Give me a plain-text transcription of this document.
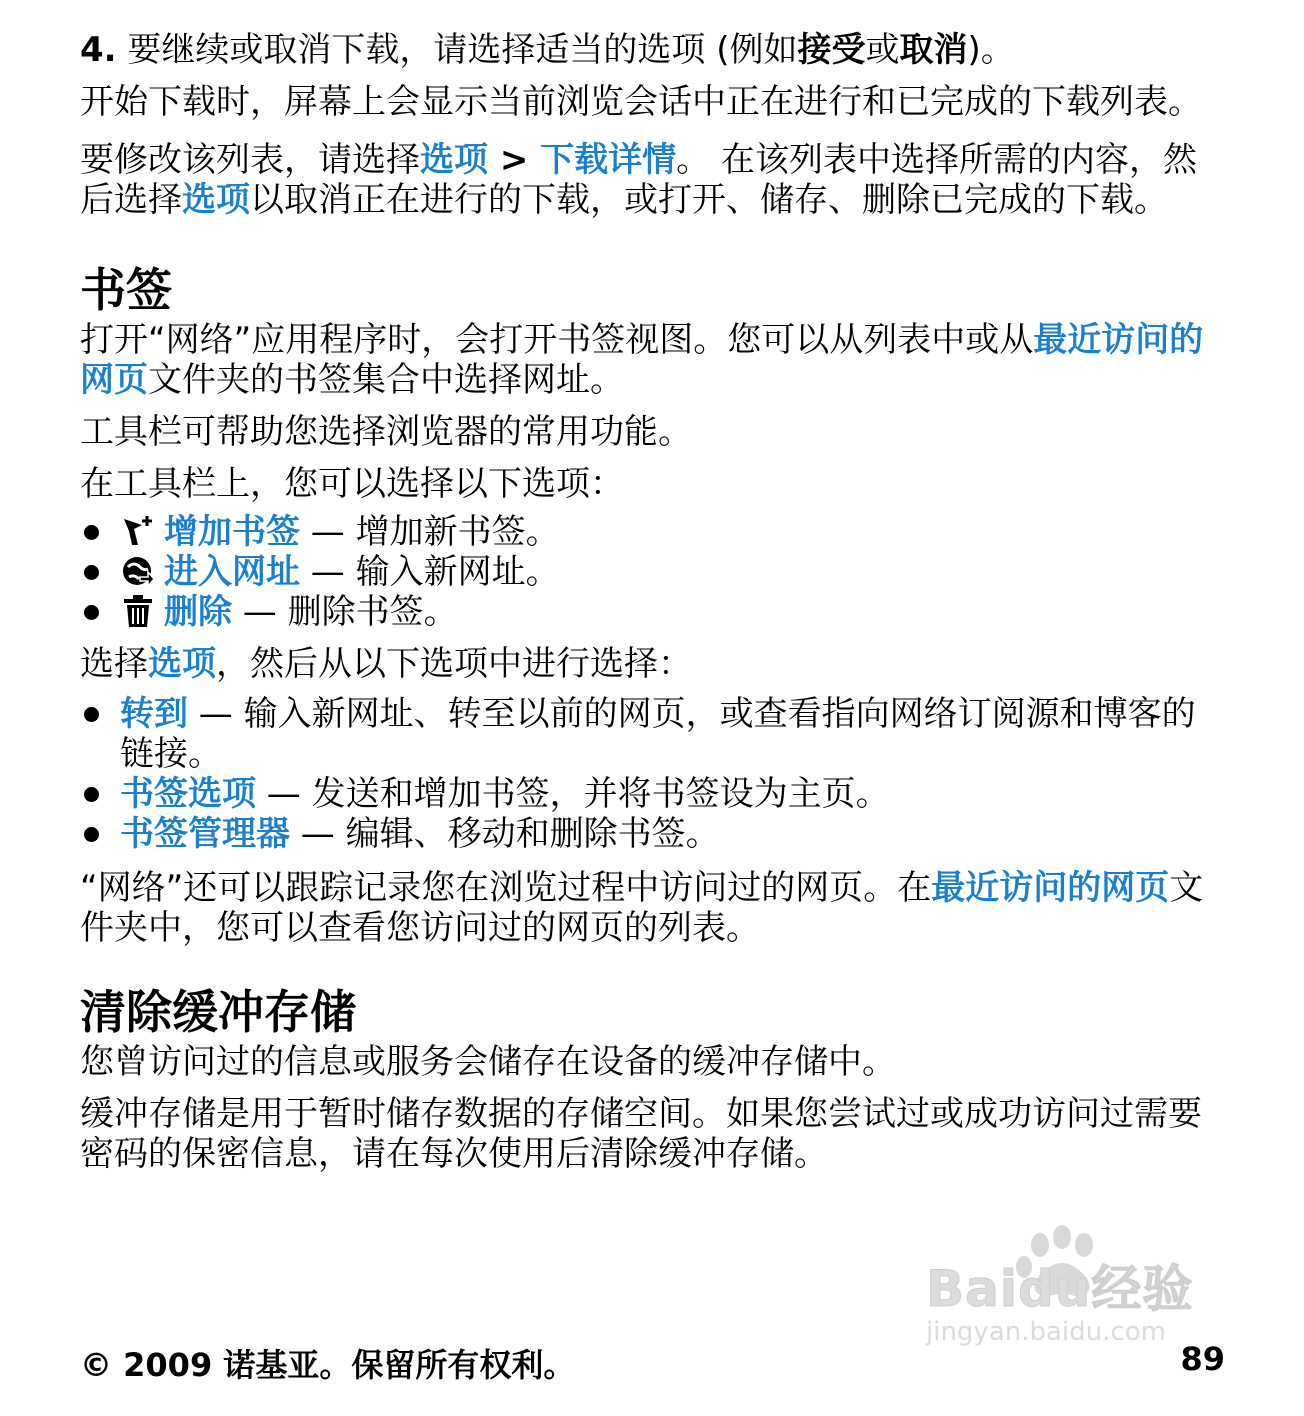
4. 要继续或取消下载，请选择适当的选项 (例如接受或取消)。

开始下载时，屏幕上会显示当前浏览会话中正在进行和已完成的下载列表。

要修改该列表，请选择选项 > 下载详情。 在该列表中选择所需的内容，然后选择选项以取消正在进行的下载，或打开、储存、删除已完成的下载。

书签

打开“网络”应用程序时，会打开书签视图。您可以从列表中或从最近访问的网页文件夹的书签集合中选择网址。

工具栏可帮助您选择浏览器的常用功能。

在工具栏上，您可以选择以下选项：

增加书签 — 增加新书签。
进入网址 — 输入新网址。
删除 — 删除书签。

选择选项，然后从以下选项中进行选择：

转到 — 输入新网址、转至以前的网页，或查看指向网络订阅源和博客的链接。
书签选项 — 发送和增加书签，并将书签设为主页。
书签管理器 — 编辑、移动和删除书签。

“网络”还可以跟踪记录您在浏览过程中访问过的网页。在最近访问的网页文件夹中，您可以查看您访问过的网页的列表。

清除缓冲存储

您曾访问过的信息或服务会储存在设备的缓冲存储中。

缓冲存储是用于暂时储存数据的存储空间。如果您尝试过或成功访问过需要密码的保密信息，请在每次使用后清除缓冲存储。

Baidu经验
jingyan.baidu.com
© 2009 诺基亚。保留所有权利。	89
